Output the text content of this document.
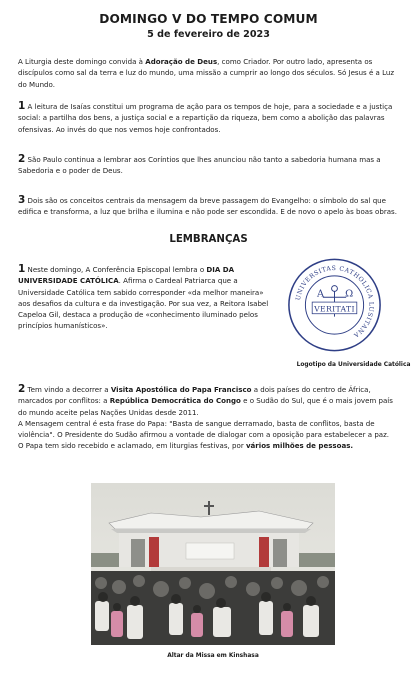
DOMINGO V DO TEMPO COMUM
5 de fevereiro de 2023
A Liturgia deste domingo convida à Adoração de Deus, como Criador. Por outro lado, apresenta os discípulos como sal da terra e luz do mundo, uma missão a cumprir ao longo dos séculos. Só Jesus é a Luz do Mundo.
1 A leitura de Isaías constitui um programa de ação para os tempos de hoje, para a sociedade e a justiça social: a partilha dos bens, a justiça social e a repartição da riqueza, bem como a abolição das palavras ofensivas. Ao invés do que nos vemos hoje confrontados.
2 São Paulo continua a lembrar aos Coríntios que lhes anunciou não tanto a sabedoria humana mas a Sabedoria e o poder de Deus.
3 Dois são os conceitos centrais da mensagem da breve passagem do Evangelho: o símbolo do sal que edifica e transforma, a luz que brilha e ilumina e não pode ser escondida. E de novo o apelo às boas obras.
LEMBRANÇAS
1 Neste domingo, A Conferência Episcopal lembra o DIA DA UNIVERSIDADE CATÓLICA. Afirma o Cardeal Patriarca que a Universidade Católica tem sabido corresponder «da melhor maneira» aos desafios da cultura e da investigação. Por sua vez, a Reitora Isabel Capeloa Gil, destaca a produção de «conhecimento iluminado pelos princípios humanísticos».
UNIVERSITAS CATHOLICA LUSITANA
A Ω
VERITATI
Logotipo da Universidade Católica
2 Tem vindo a decorrer a Visita Apostólica do Papa Francisco a dois países do centro de África, marcados por conflitos: a República Democrática do Congo e o Sudão do Sul, que é o mais jovem país do mundo aceite pelas Nações Unidas desde 2011.
A Mensagem central é esta frase do Papa: "Basta de sangue derramado, basta de conflitos, basta de violência". O Presidente do Sudão afirmou a vontade de dialogar com a oposição para estabelecer a paz.
O Papa tem sido recebido e aclamado, em liturgias festivas, por vários milhões de pessoas.
Altar da Missa em Kinshasa
